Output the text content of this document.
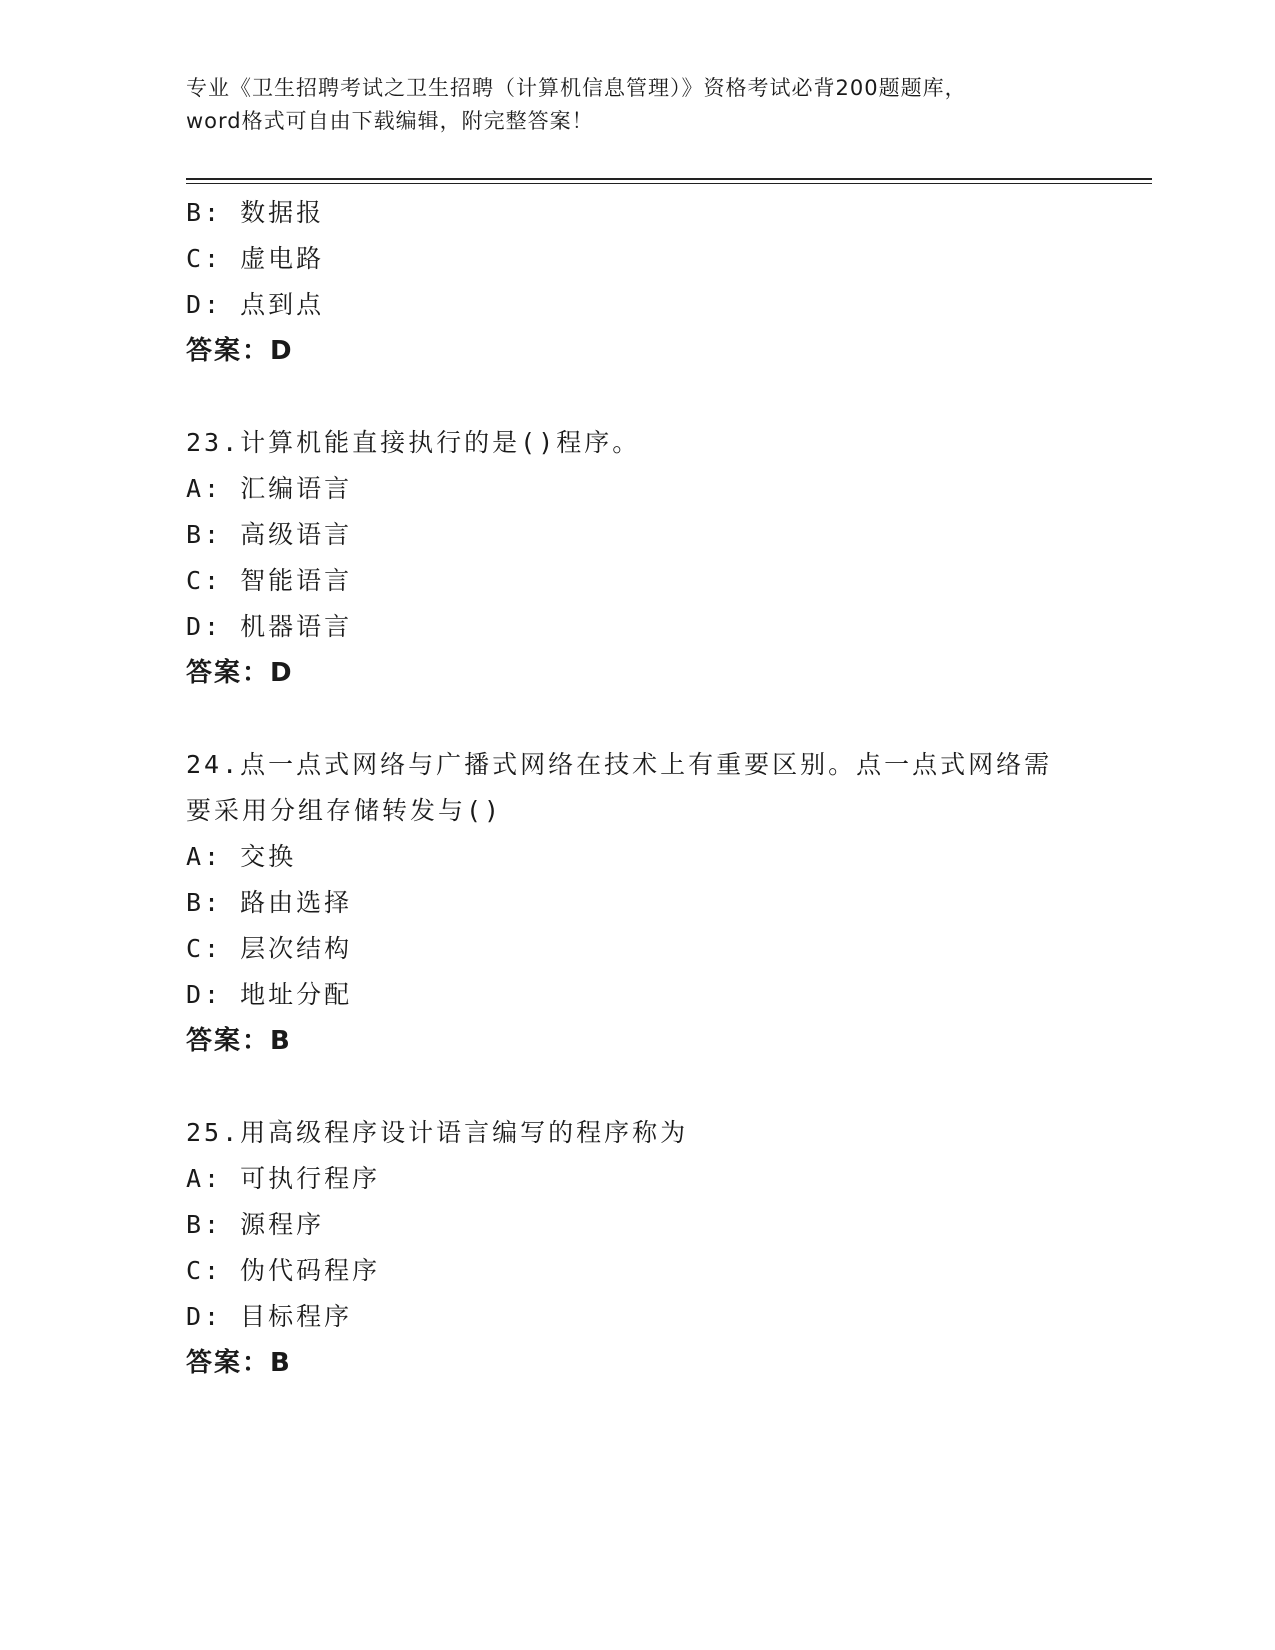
专业《卫生招聘考试之卫生招聘（计算机信息管理）》资格考试必背200题题库，
word格式可自由下载编辑，附完整答案！
B: 数据报
C: 虚电路
D: 点到点
答案：D
23.计算机能直接执行的是()程序。
A: 汇编语言
B: 高级语言
C: 智能语言
D: 机器语言
答案：D
24.点一点式网络与广播式网络在技术上有重要区别。点一点式网络需
要采用分组存储转发与()
A: 交换
B: 路由选择
C: 层次结构
D: 地址分配
答案：B
25.用高级程序设计语言编写的程序称为
A: 可执行程序
B: 源程序
C: 伪代码程序
D: 目标程序
答案：B
